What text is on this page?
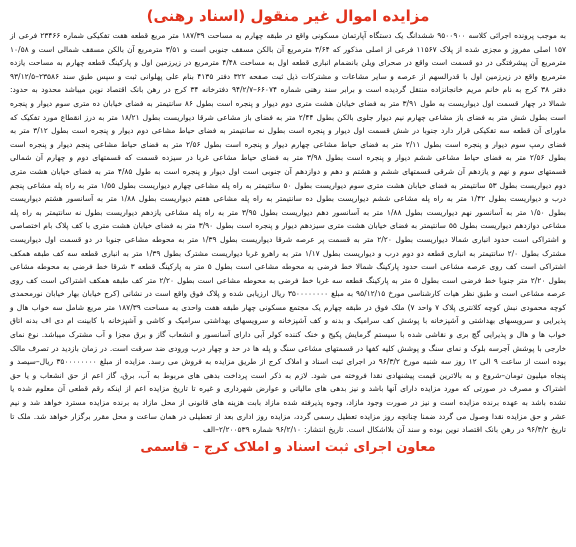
مزایده اموال غیر منقول (اسناد رهنی)

به موجب پرونده اجرائی کلاسه ۹۵۰۰۹۰۰ ششدانگ یک دستگاه آپارتمان مسکونی واقع در طبقه چهارم به مساحت ۱۸۷/۳۹ متر مربع قطعه هفت تفکیکی شماره ۲۳۴۶۶ فرعی از ۱۵۷ اصلی مفروز و مجزی شده از پلاک ۱۱۵۶۷ فرعی از اصلی مذکور که ۳/۶۴ مترمربع آن بالکن مسقف جنوبی است و ۳/۵۱ مترمربع آن بالکن مسقف شمالی است و ۱۰/۵۸ مترمربع آن پیشرفتگی در دو قسمت است واقع در صحرای ویلن بانضمام انباری قطعه اول به مساحت ۴/۴۸ مترمربع در زیرزمین اول و پارکینگ قطعه چهارم به مساحت یازده مترمربع واقع در زیرزمین اول با قدرالسهم از عرصه و سایر مشاعات و مشترکات ذیل ثبت صفحه ۳۲۲ دفتر ۴۱۳۵ بنام علی پهلوانی ثبت و سپس طبق سند ۲۳۵۸۶–۹۳/۱۲/۵ دفتر ۳۸ کرج به نام خانم مریم خانجانزاده منتقل گردیده است و برابر سند رهنی شماره ۶۶۰۷۴–۹۴/۲/۷ دفترخانه ۳۴ کرج در رهن بانک اقتصاد نوین میباشد محدود به حدود: شمالا در چهار قسمت اول دیواریست به طول ۳/۹۱ متر به فضای خیابان هشت متری دوم دیوار و پنجره است بطول ۸۶ سانتیمتر به فضای خیابان ده متری سوم دیوار و پنجره است بطول شش متر به فضای باز مشاعی چهارم نیم دیوار جلوی بالکن بطول ۲/۴۴ متر به فضای باز مشاعی شرقا دیواریست بطول ۱۸/۲۱ متر به درز انقطاع مورد تفکیک که ماورای آن قطعه سه تفکیکی قرار دارد جنوبا در شش قسمت اول دیوار و پنجره است بطول نه سانتیمتر به فضای حیاط مشاعی دوم دیوار و پنجره است بطول ۳/۱۲ متر به فضای رمپ سوم دیوار و پنجره است بطول ۲/۱۱ متر به فضای حیاط مشاعی چهارم دیوار و پنجره است بطول ۲/۵۶ متر به فضای حیاط مشاعی پنجم دیوار و پنجره است بطول ۲/۵۶ متر به فضای حیاط مشاعی ششم دیوار و پنجره است بطول ۳/۹۸ متر به فضای حیاط مشاعی غربا در سیزده قسمت که قسمتهای دوم و چهارم آن شمالی قسمتهای سوم و نهم و یازدهم آن شرقی قسمتهای ششم و هشتم و دهم و دوازدهم آن جنوبی است اول دیوار و پنجره است به طول ۴/۸۵ متر به فضای خیابان هشت متری دوم دیواریست بطول ۵۳ سانتیمتر به فضای خیابان هشت متری سوم دیواریست بطول ۵۰ سانتیمتر به راه پله مشاعی چهارم دیواریست بطول ۱/۵۵ متر به راه پله مشاعی پنجم درب و دیواریست بطول ۱/۴۲ متر به راه پله مشاعی ششم دیواریست بطول ده سانتیمتر به راه پله مشاعی هفتم دیواریست بطول ۱/۸۸ متر به آسانسور هشتم دیواریست بطول ۱/۵۰ متر به آسانسور نهم دیواریست بطول ۱/۸۸ متر به آسانسور دهم دیواریست بطول ۳/۹۵ متر به راه پله مشاعی یازدهم دیواریست بطول نه سانتیمتر به راه پله مشاعی دوازدهم دیواریست بطول ۵۵ سانتیمتر به فضای خیابان هشت متری سیزدهم دیوار و پنجره است بطول ۳/۹۰ متر به فضای خیابان هشت متری با کف پلاک بام اختصاصی و اشتراکی است حدود انباری شمالا دیواریست بطول ۲/۲۰ متر به قسمت پر عرصه شرقا دیواریست بطول ۱/۳۹ متر به محوطه مشاعی جنوبا در دو قسمت اول دیواریست مشترک بطول ۲/۰ سانتیمتر به انباری قطعه دو دوم درب و دیواریست بطول ۱/۱۷ متر به راهرو غربا دیواریست مشترک بطول ۱/۳۹ متر به انباری قطعه سه کف طبقه همکف اشتراکی است کف روی عرصه مشاعی است حدود پارکینگ شمالا خط فرضی به محوطه مشاعی است بطول ۵ متر به پارکینگ قطعه ۳ شرقا خط فرضی به محوطه مشاعی بطول ۲/۲۰ متر جنوبا خط فرضی است بطول ۵ متر به پارکینگ قطعه سه غربا خط فرضی به محوطه مشاعی است بطول ۲/۲۰ متر کف طبقه همکف اشتراکی است کف روی عرصه مشاعی است و طبق نظر هیات کارشناسی مورخ ۹۵/۱۲/۱۵ به مبلغ ۳۵۰۰۰۰۰۰۰۰ ریال ارزیابی شده و پلاک فوق واقع است در نشانی (کرج خیابان بهار خیابان نورمحمدی کوچه محمودی نبش کوچه کلانتری پلاک ۷ واحد ۷) ملک فوق در طبقه چهارم یک مجتمع مسکونی چهار طبقه هفت واحدی به مساحت ۱۸۷/۳۹ متر مربع شامل سه خواب هال و پذیرایی و سرویسهای بهداشتی و آشپزخانه با پوشش کف سرامیک و بدنه و کف آشپزخانه و سرویسهای بهداشتی سرامیک و کاشی و آشپزخانه با کابینت ام دی اف بدنه اتاق خواب ها و هال و پذیرایی گچ بری و نقاشی شده با سیستم گرمایش پکیج و خنک کننده کولر آبی دارای آسانسور و انشعاب گاز و برق مجزا و آب مشترک میباشد. نوع نمای خارجی با پوشش آجرسه بلوک و نمای سنگ و پوشش کلیه کفها در قسمتهای مشاعی سنگ و پله ها در حد و چهار درب ورودی ضد سرقت است. در زمان بازدید در تصرف مالک بوده است از ساعت ۹ الی ۱۲ روز سه شنبه مورخ ۹۶/۳/۲ در اجرای ثبت اسناد و املاک کرج از طریق مزایده به فروش می رسد. مزایده از مبلغ ۳۵۰۰۰۰۰۰۰۰ ریال–سیصد و پنجاه میلیون تومان–شروع و به بالاترین قیمت پیشنهادی نقدا فروخته می شود. لازم به ذکر است پرداخت بدهی های مربوط به آب، برق، گاز اعم از حق انشعاب و یا حق اشتراک و مصرف در صورتی که مورد مزایده دارای آنها باشد و نیز بدهی های مالیاتی و عوارض شهرداری و غیره تا تاریخ مزایده اعم از اینکه رقم قطعی آن معلوم شده یا نشده باشد به عهده برنده مزایده است و نیز در صورت وجود مازاد، وجوه پذیرفته شده مازاد بابت هزینه های قانونی از محل مازاد به برنده مزایده مسترد خواهد شد و نیم عشر و حق مزایده نقدا وصول می گردد ضمنا چنانچه روز مزایده تعطیل رسمی گردد، مزایده روز اداری بعد از تعطیلی در همان ساعت و محل مقرر برگزار خواهد شد. ملک تا تاریخ ۹۶/۳/۲ در رهن بانک اقتصاد نوین بوده و سند آن بلااشکال است. تاریخ انتشار: ۹۶/۲/۱۰ شماره ۲/۲۰۰۵۳۹–الف

معاون اجرای ثبت اسناد و املاک کرج – قاسمی
